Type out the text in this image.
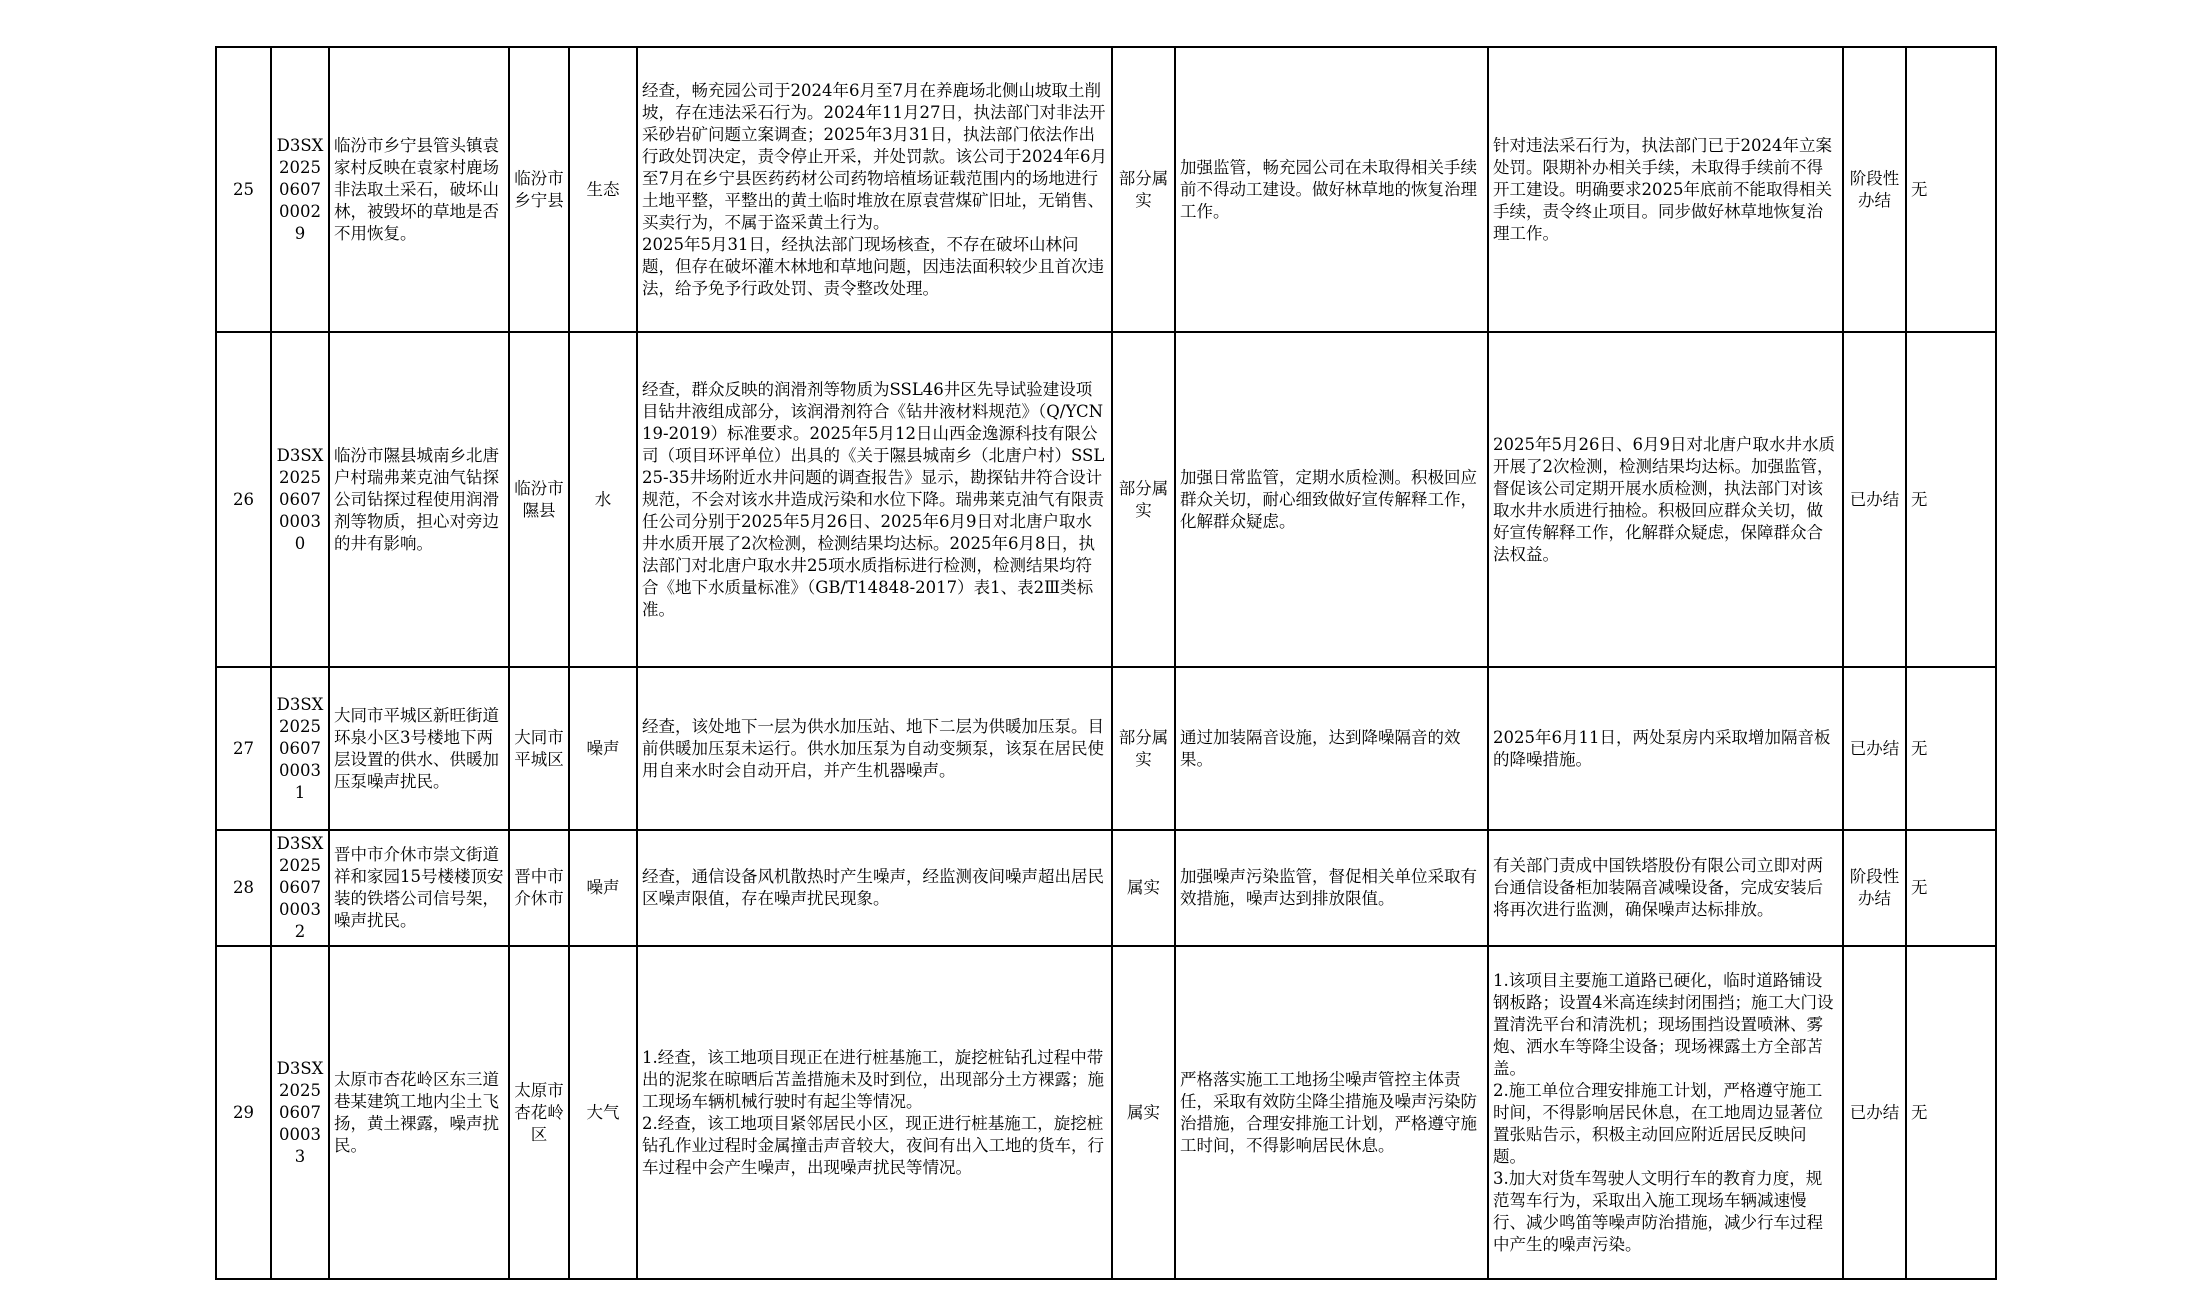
25	D3SX2025060700029	临汾市乡宁县管头镇袁家村反映在袁家村鹿场非法取土采石，破坏山林，被毁坏的草地是否不用恢复。	临汾市乡宁县	生态	经查，畅充园公司于2024年6月至7月在养鹿场北侧山坡取土削坡，存在违法采石行为。2024年11月27日，执法部门对非法开采砂岩矿问题立案调查；2025年3月31日，执法部门依法作出行政处罚决定，责令停止开采，并处罚款。该公司于2024年6月至7月在乡宁县医药药材公司药物培植场证载范围内的场地进行土地平整，平整出的黄土临时堆放在原袁营煤矿旧址，无销售、买卖行为，不属于盗采黄土行为。
2025年5月31日，经执法部门现场核查，不存在破坏山林问题，但存在破坏灌木林地和草地问题，因违法面积较少且首次违法，给予免予行政处罚、责令整改处理。	部分属实	加强监管，畅充园公司在未取得相关手续前不得动工建设。做好林草地的恢复治理工作。	针对违法采石行为，执法部门已于2024年立案处罚。限期补办相关手续，未取得手续前不得开工建设。明确要求2025年底前不能取得相关手续，责令终止项目。同步做好林草地恢复治理工作。	阶段性办结	无
26	D3SX2025060700030	临汾市隰县城南乡北唐户村瑞弗莱克油气钻探公司钻探过程使用润滑剂等物质，担心对旁边的井有影响。	临汾市隰县	水	经查，群众反映的润滑剂等物质为SSL46井区先导试验建设项目钻井液组成部分，该润滑剂符合《钻井液材料规范》（Q/YCN19-2019）标准要求。2025年5月12日山西金逸源科技有限公司（项目环评单位）出具的《关于隰县城南乡（北唐户村）SSL25-35井场附近水井问题的调查报告》显示，勘探钻井符合设计规范，不会对该水井造成污染和水位下降。瑞弗莱克油气有限责任公司分别于2025年5月26日、2025年6月9日对北唐户取水井水质开展了2次检测，检测结果均达标。2025年6月8日，执法部门对北唐户取水井25项水质指标进行检测，检测结果均符合《地下水质量标准》（GB/T14848-2017）表1、表2Ⅲ类标准。	部分属实	加强日常监管，定期水质检测。积极回应群众关切，耐心细致做好宣传解释工作，化解群众疑虑。	2025年5月26日、6月9日对北唐户取水井水质开展了2次检测，检测结果均达标。加强监管，督促该公司定期开展水质检测，执法部门对该取水井水质进行抽检。积极回应群众关切，做好宣传解释工作，化解群众疑虑，保障群众合法权益。	已办结	无
27	D3SX2025060700031	大同市平城区新旺街道环泉小区3号楼地下两层设置的供水、供暖加压泵噪声扰民。	大同市平城区	噪声	经查，该处地下一层为供水加压站、地下二层为供暖加压泵。目前供暖加压泵未运行。供水加压泵为自动变频泵，该泵在居民使用自来水时会自动开启，并产生机器噪声。	部分属实	通过加装隔音设施，达到降噪隔音的效果。	2025年6月11日，两处泵房内采取增加隔音板的降噪措施。	已办结	无
28	D3SX2025060700032	晋中市介休市崇文街道祥和家园15号楼楼顶安装的铁塔公司信号架，噪声扰民。	晋中市介休市	噪声	经查，通信设备风机散热时产生噪声，经监测夜间噪声超出居民区噪声限值，存在噪声扰民现象。	属实	加强噪声污染监管，督促相关单位采取有效措施，噪声达到排放限值。	有关部门责成中国铁塔股份有限公司立即对两台通信设备柜加装隔音减噪设备，完成安装后将再次进行监测，确保噪声达标排放。	阶段性办结	无
29	D3SX2025060700033	太原市杏花岭区东三道巷某建筑工地内尘土飞扬，黄土裸露，噪声扰民。	太原市杏花岭区	大气	1.经查，该工地项目现正在进行桩基施工，旋挖桩钻孔过程中带出的泥浆在晾晒后苫盖措施未及时到位，出现部分土方裸露；施工现场车辆机械行驶时有起尘等情况。
2.经查，该工地项目紧邻居民小区，现正进行桩基施工，旋挖桩钻孔作业过程时金属撞击声音较大，夜间有出入工地的货车，行车过程中会产生噪声，出现噪声扰民等情况。	属实	严格落实施工工地扬尘噪声管控主体责任，采取有效防尘降尘措施及噪声污染防治措施，合理安排施工计划，严格遵守施工时间，不得影响居民休息。	1.该项目主要施工道路已硬化，临时道路铺设钢板路；设置4米高连续封闭围挡；施工大门设置清洗平台和清洗机；现场围挡设置喷淋、雾炮、洒水车等降尘设备；现场裸露土方全部苫盖。
2.施工单位合理安排施工计划，严格遵守施工时间，不得影响居民休息，在工地周边显著位置张贴告示，积极主动回应附近居民反映问题。
3.加大对货车驾驶人文明行车的教育力度，规范驾车行为，采取出入施工现场车辆减速慢行、减少鸣笛等噪声防治措施，减少行车过程中产生的噪声污染。	已办结	无
